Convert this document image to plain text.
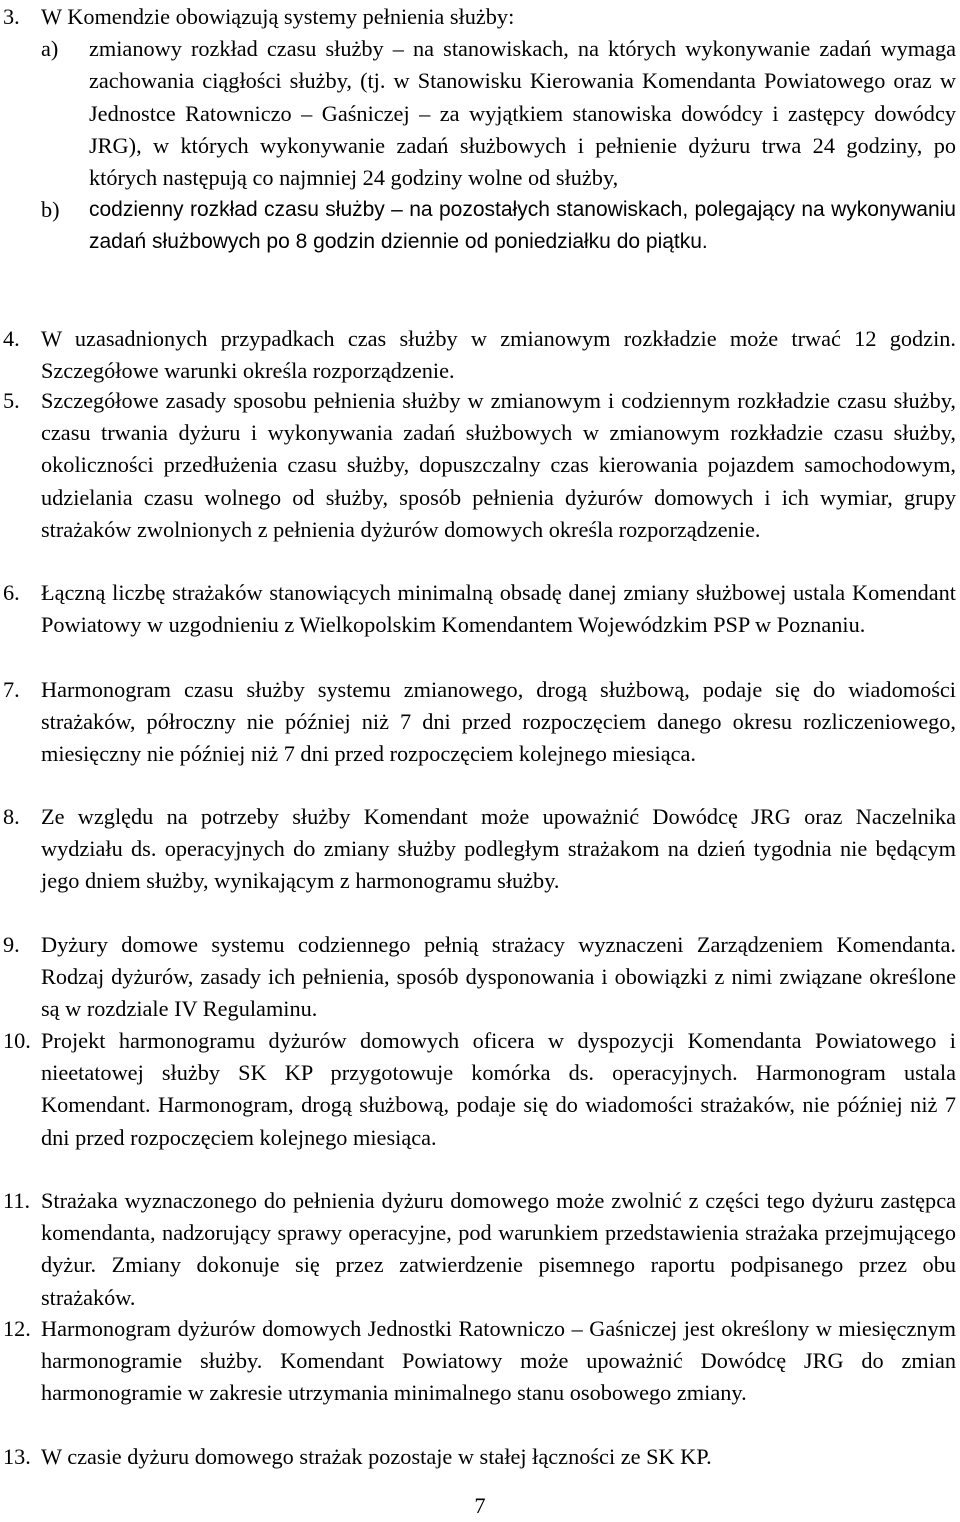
3. W Komendzie obowiązują systemy pełnienia służby:
a)	zmianowy rozkład czasu służby – na stanowiskach, na których wykonywanie zadań wymaga zachowania ciągłości służby, (tj. w Stanowisku Kierowania Komendanta Powiatowego oraz w Jednostce Ratowniczo – Gaśniczej – za wyjątkiem stanowiska dowódcy i zastępcy dowódcy JRG), w których wykonywanie zadań służbowych i pełnienie dyżuru trwa 24 godziny, po których następują co najmniej 24 godziny wolne od służby,
b)	codzienny rozkład czasu służby – na pozostałych stanowiskach, polegający na wykonywaniu zadań służbowych po 8 godzin dziennie od poniedziałku do piątku.
4. W uzasadnionych przypadkach czas służby w zmianowym rozkładzie może trwać 12 godzin. Szczegółowe warunki określa rozporządzenie.
5. Szczegółowe zasady sposobu pełnienia służby w zmianowym i codziennym rozkładzie czasu służby, czasu trwania dyżuru i wykonywania zadań służbowych w zmianowym rozkładzie czasu służby, okoliczności przedłużenia czasu służby, dopuszczalny czas kierowania pojazdem samochodowym, udzielania czasu wolnego od służby, sposób pełnienia dyżurów domowych i ich wymiar, grupy strażaków zwolnionych z pełnienia dyżurów domowych określa rozporządzenie.
6. Łączną liczbę strażaków stanowiących minimalną obsadę danej zmiany służbowej ustala Komendant Powiatowy w uzgodnieniu z Wielkopolskim Komendantem Wojewódzkim PSP w Poznaniu.
7. Harmonogram czasu służby systemu zmianowego, drogą służbową, podaje się do wiadomości strażaków, półroczny nie później niż 7 dni przed rozpoczęciem danego okresu rozliczeniowego, miesięczny nie później niż 7 dni przed rozpoczęciem kolejnego miesiąca.
8. Ze względu na potrzeby służby Komendant może upoważnić Dowódcę JRG oraz Naczelnika wydziału ds. operacyjnych do zmiany służby podległym strażakom na dzień tygodnia nie będącym jego dniem służby, wynikającym z harmonogramu służby.
9. Dyżury domowe systemu codziennego pełnią strażacy wyznaczeni Zarządzeniem Komendanta. Rodzaj dyżurów, zasady ich pełnienia, sposób dysponowania i obowiązki z nimi związane określone są w rozdziale IV Regulaminu.
10. Projekt harmonogramu dyżurów domowych oficera w dyspozycji Komendanta Powiatowego i nieetatowej służby SK KP przygotowuje komórka ds. operacyjnych. Harmonogram ustala Komendant. Harmonogram, drogą służbową, podaje się do wiadomości strażaków, nie później niż 7 dni przed rozpoczęciem kolejnego miesiąca.
11. Strażaka wyznaczonego do pełnienia dyżuru domowego może zwolnić z części tego dyżuru zastępca komendanta, nadzorujący sprawy operacyjne, pod warunkiem przedstawienia strażaka przejmującego dyżur. Zmiany dokonuje się przez zatwierdzenie pisemnego raportu podpisanego przez obu strażaków.
12. Harmonogram dyżurów domowych Jednostki Ratowniczo – Gaśniczej jest określony w miesięcznym harmonogramie służby. Komendant Powiatowy może upoważnić Dowódcę JRG do zmian harmonogramie w zakresie utrzymania minimalnego stanu osobowego zmiany.
13. W czasie dyżuru domowego strażak pozostaje w stałej łączności ze SK KP.
7
